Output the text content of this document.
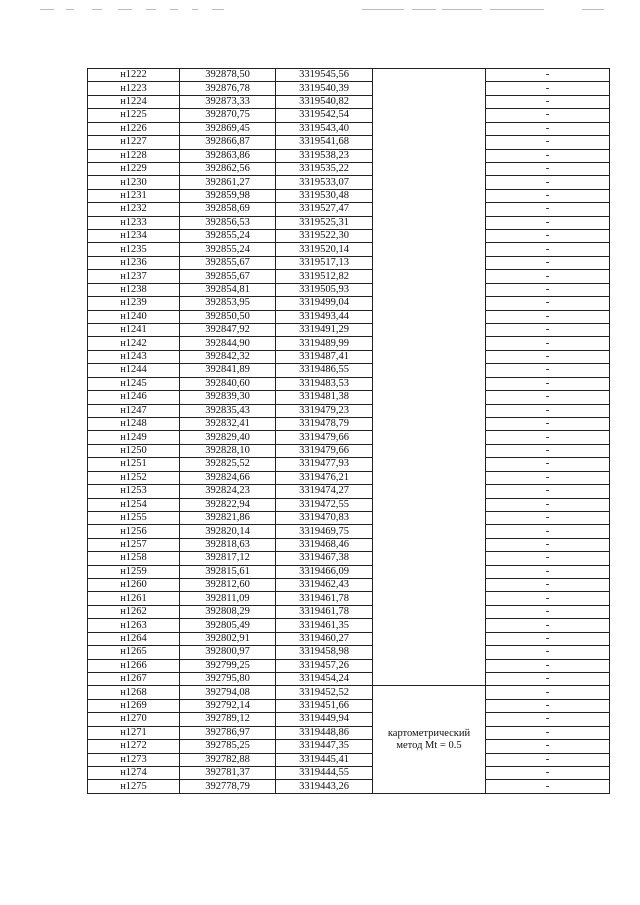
н1222	392878,50	3319545,56		-
н1223	392876,78	3319540,39		-
н1224	392873,33	3319540,82		-
н1225	392870,75	3319542,54		-
н1226	392869,45	3319543,40		-
н1227	392866,87	3319541,68		-
н1228	392863,86	3319538,23		-
н1229	392862,56	3319535,22		-
н1230	392861,27	3319533,07		-
н1231	392859,98	3319530,48		-
н1232	392858,69	3319527,47		-
н1233	392856,53	3319525,31		-
н1234	392855,24	3319522,30		-
н1235	392855,24	3319520,14		-
н1236	392855,67	3319517,13		-
н1237	392855,67	3319512,82		-
н1238	392854,81	3319505,93		-
н1239	392853,95	3319499,04		-
н1240	392850,50	3319493,44		-
н1241	392847,92	3319491,29		-
н1242	392844,90	3319489,99		-
н1243	392842,32	3319487,41		-
н1244	392841,89	3319486,55		-
н1245	392840,60	3319483,53		-
н1246	392839,30	3319481,38		-
н1247	392835,43	3319479,23		-
н1248	392832,41	3319478,79		-
н1249	392829,40	3319479,66		-
н1250	392828,10	3319479,66		-
н1251	392825,52	3319477,93		-
н1252	392824,66	3319476,21		-
н1253	392824,23	3319474,27		-
н1254	392822,94	3319472,55		-
н1255	392821,86	3319470,83		-
н1256	392820,14	3319469,75		-
н1257	392818,63	3319468,46		-
н1258	392817,12	3319467,38		-
н1259	392815,61	3319466,09		-
н1260	392812,60	3319462,43		-
н1261	392811,09	3319461,78		-
н1262	392808,29	3319461,78		-
н1263	392805,49	3319461,35		-
н1264	392802,91	3319460,27		-
н1265	392800,97	3319458,98		-
н1266	392799,25	3319457,26		-
н1267	392795,80	3319454,24		-
н1268	392794,08	3319452,52	картометрический
метод Mt = 0.5	-
н1269	392792,14	3319451,66		-
н1270	392789,12	3319449,94		-
н1271	392786,97	3319448,86		-
н1272	392785,25	3319447,35		-
н1273	392782,88	3319445,41		-
н1274	392781,37	3319444,55		-
н1275	392778,79	3319443,26		-
